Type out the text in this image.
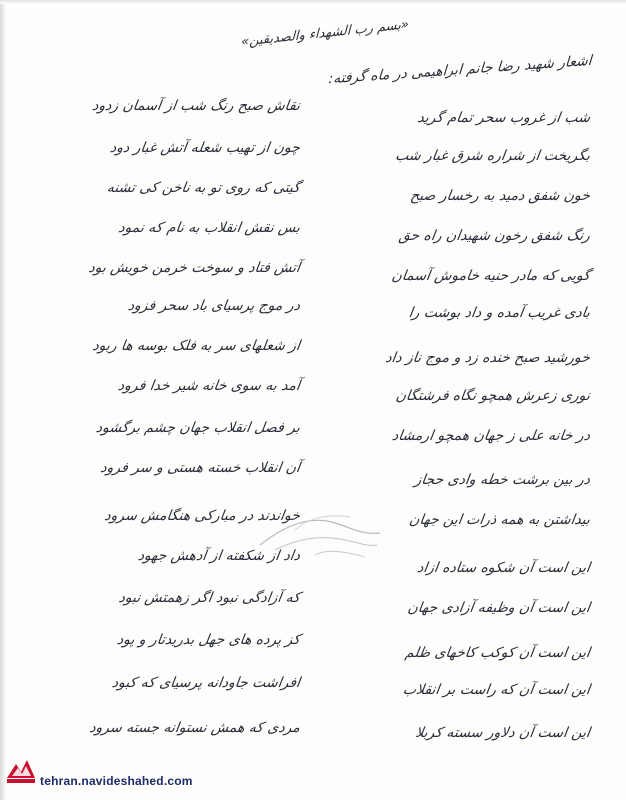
«بسم رب الشهداء والصدیقین»
اشعار شهید رضا جانم ابراهیمی در ماه گرفته:
شب از غروب سحر تمام گرید
بگریخت از شراره شرق غبار شب
خون شفق دمید به رخسار صبح
رنگ شفق رخون شهیدان راه حق
گویی که مادر حنیه خاموش آسمان
بادی غریب آمده و داد بوشت را
خورشید صبح خنده زد و موج ناز داد
نوری زعرش همچو نگاه فرشتگان
در خانه علی ز جهان همچو ارمشاد
در بین برشت خطه وادی حجاز
بیداشتن به همه ذرات این جهان
این است آن شکوه ستاده ازاد
این است آن وظیفه آزادی جهان
این است آن کوکب کاخهای ظلم
این است آن که راست بر انقلاب
این است آن دلاور سسته کربلا
نقاش صبح رنگ شب از آسمان زدود
چون از تهیب شعله آتش غبار دود
گیتی که روی تو به ناخن کی تشنه
بس نقش انقلاب به نام که نمود
آتش فتاد و سوخت خرمن خویش بود
در موج پرسیای باد سحر فزود
از شعلهای سر به فلک بوسه ها ربود
آمد به سوی خانه شیر خدا فرود
بر فصل انقلاب جهان چشم برگشود
آن انقلاب خسته هستی و سر فرود
خواندند در مبارکی هنگامش سرود
داد از شکفته از آدهش جهود
که آزادگی نبود اگر زهمتش نبود
کز پرده های جهل بدریدتار و پود
افراشت جاودانه پرسیای که کبود
مردی که همش نستوانه جسته سرود
tehran.navideshahed.com
